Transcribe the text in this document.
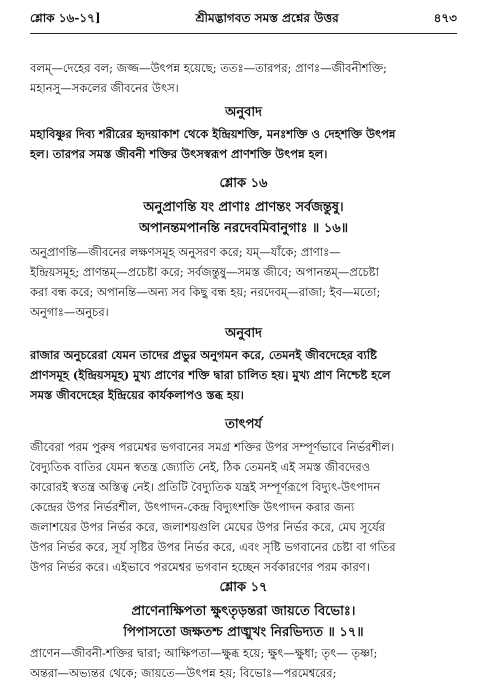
শ্লোক ১৬-১৭]	শ্রীমদ্ভাগবত সমস্ত প্রশ্নের উত্তর	৪৭৩
বলম্—দেহের বল; জজ্জ—উৎপন্ন হয়েছে; ততঃ—তারপর; প্রাণঃ—জীবনীশক্তি;
মহানসু—সকলের জীবনের উৎস।
অনুবাদ
মহাবিষ্ণুর দিব্য শরীরের হৃদয়াকাশ থেকে ইন্দ্রিয়শক্তি, মনঃশক্তি ও দেহশক্তি উৎপন্ন
হল। তারপর সমস্ত জীবনী শক্তির উৎসস্বরূপ প্রাণশক্তি উৎপন্ন হল।
শ্লোক ১৬
অনুপ্রাণন্তি যং প্রাণাঃ প্রাণন্তং সর্বজন্তুষু।
অপানন্তমপানন্তি নরদেবমিবানুগাঃ ॥ ১৬॥
অনুপ্রাণন্তি—জীবনের লক্ষণসমূহ অনুসরণ করে; যম্—যাঁকে; প্রাণাঃ—
ইন্দ্রিয়সমূহ; প্রাণন্তম্—প্রচেষ্টা করে; সর্বজন্তুষু—সমস্ত জীবে; অপানন্তম্—প্রচেষ্টা
করা বন্ধ করে; অপানন্তি—অন্য সব কিছু বন্ধ হয়; নরদেবম্—রাজা; ইব—মতো;
অনুগাঃ—অনুচর।
অনুবাদ
রাজার অনুচরেরা যেমন তাদের প্রভুর অনুগমন করে, তেমনই জীবদেহের ব্যষ্টি
প্রাণসমূহ (ইন্দ্রিয়সমূহ) মুখ্য প্রাণের শক্তি দ্বারা চালিত হয়। মুখ্য প্রাণ নিশ্চেষ্ট হলে
সমস্ত জীবদেহের ইন্দ্রিয়ের কার্যকলাপও স্তব্ধ হয়।
তাৎপর্য
জীবেরা পরম পুরুষ পরমেশ্বর ভগবানের সমগ্র শক্তির উপর সম্পূর্ণভাবে নির্ভরশীল।
বৈদ্যুতিক বাতির যেমন স্বতন্ত্র জ্যোতি নেই, ঠিক তেমনই এই সমস্ত জীবদেরও
কারোরই স্বতন্ত্র অস্তিত্ব নেই। প্রতিটি বৈদ্যুতিক যন্ত্রই সম্পূর্ণরূপে বিদ্যুৎ-উৎপাদন
কেন্দ্রের উপর নির্ভরশীল, উৎপাদন-কেন্দ্র বিদ্যুৎশক্তি উৎপাদন করার জন্য
জলাশয়ের উপর নির্ভর করে, জলাশয়গুলি মেঘের উপর নির্ভর করে, মেঘ সূর্যের
উপর নির্ভর করে, সূর্য সৃষ্টির উপর নির্ভর করে, এবং সৃষ্টি ভগবানের চেষ্টা বা গতির
উপর নির্ভর করে। এইভাবে পরমেশ্বর ভগবান হচ্ছেন সর্বকারণের পরম কারণ।
শ্লোক ১৭
প্রাণেনাক্ষিপতা ক্ষুৎতৃড়ন্তরা জায়তে বিভোঃ।
পিপাসতো জক্ষতশ্চ প্রাঙ্মুখং নিরভিদ্যত ॥ ১৭॥
প্রাণেন—জীবনী-শক্তির দ্বারা; আক্ষিপতা—ক্ষুব্ধ হয়ে; ক্ষুৎ—ক্ষুধা; তৃৎ— তৃষ্ণা;
অন্তরা—অভ্যন্তর থেকে; জায়তে—উৎপন্ন হয়; বিভোঃ—পরমেশ্বরের;
